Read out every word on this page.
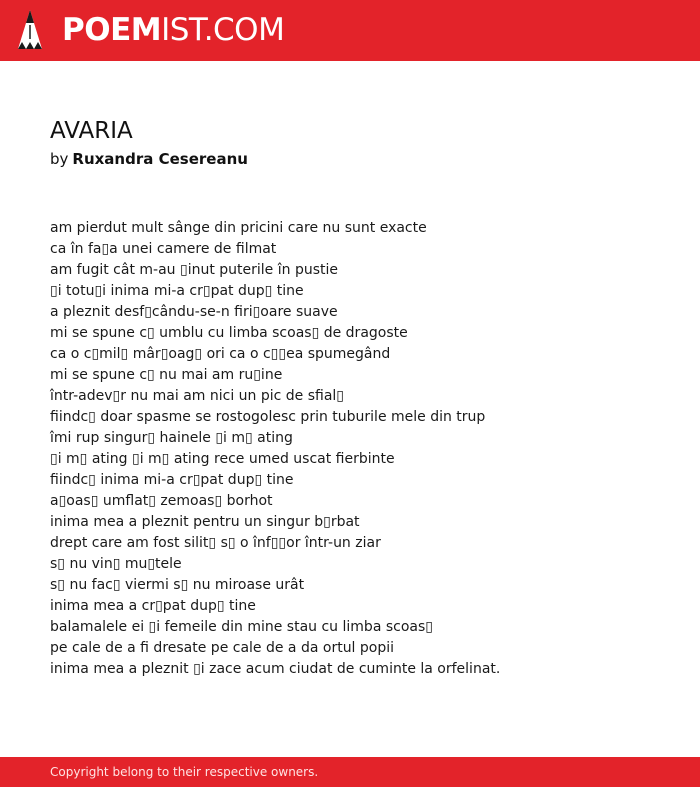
POEMIST.COM
AVARIA
by Ruxandra Cesereanu
am pierdut mult sânge din pricini care nu sunt exacte
ca în fa▯a unei camere de filmat
am fugit cât m-au ▯inut puterile în pustie
▯i totu▯i inima mi-a cr▯pat dup▯ tine
a pleznit desf▯cându-se-n firi▯oare suave
mi se spune c▯ umblu cu limba scoas▯ de dragoste
ca o c▯mil▯ mâr▯oag▯ ori ca o c▯▯ea spumegând
mi se spune c▯ nu mai am ru▯ine
într-adev▯r nu mai am nici un pic de sfial▯
fiindc▯ doar spasme se rostogolesc prin tuburile mele din trup
îmi rup singur▯ hainele ▯i m▯ ating
▯i m▯ ating ▯i m▯ ating rece umed uscat fierbinte
fiindc▯ inima mi-a cr▯pat dup▯ tine
a▯oas▯ umflat▯ zemoas▯ borhot
inima mea a pleznit pentru un singur b▯rbat
drept care am fost silit▯ s▯ o înf▯▯or într-un ziar
s▯ nu vin▯ mu▯tele
s▯ nu fac▯ viermi s▯ nu miroase urât
inima mea a cr▯pat dup▯ tine
balamalele ei ▯i femeile din mine stau cu limba scoas▯
pe cale de a fi dresate pe cale de a da ortul popii
inima mea a pleznit ▯i zace acum ciudat de cuminte la orfelinat.
Copyright belong to their respective owners.
